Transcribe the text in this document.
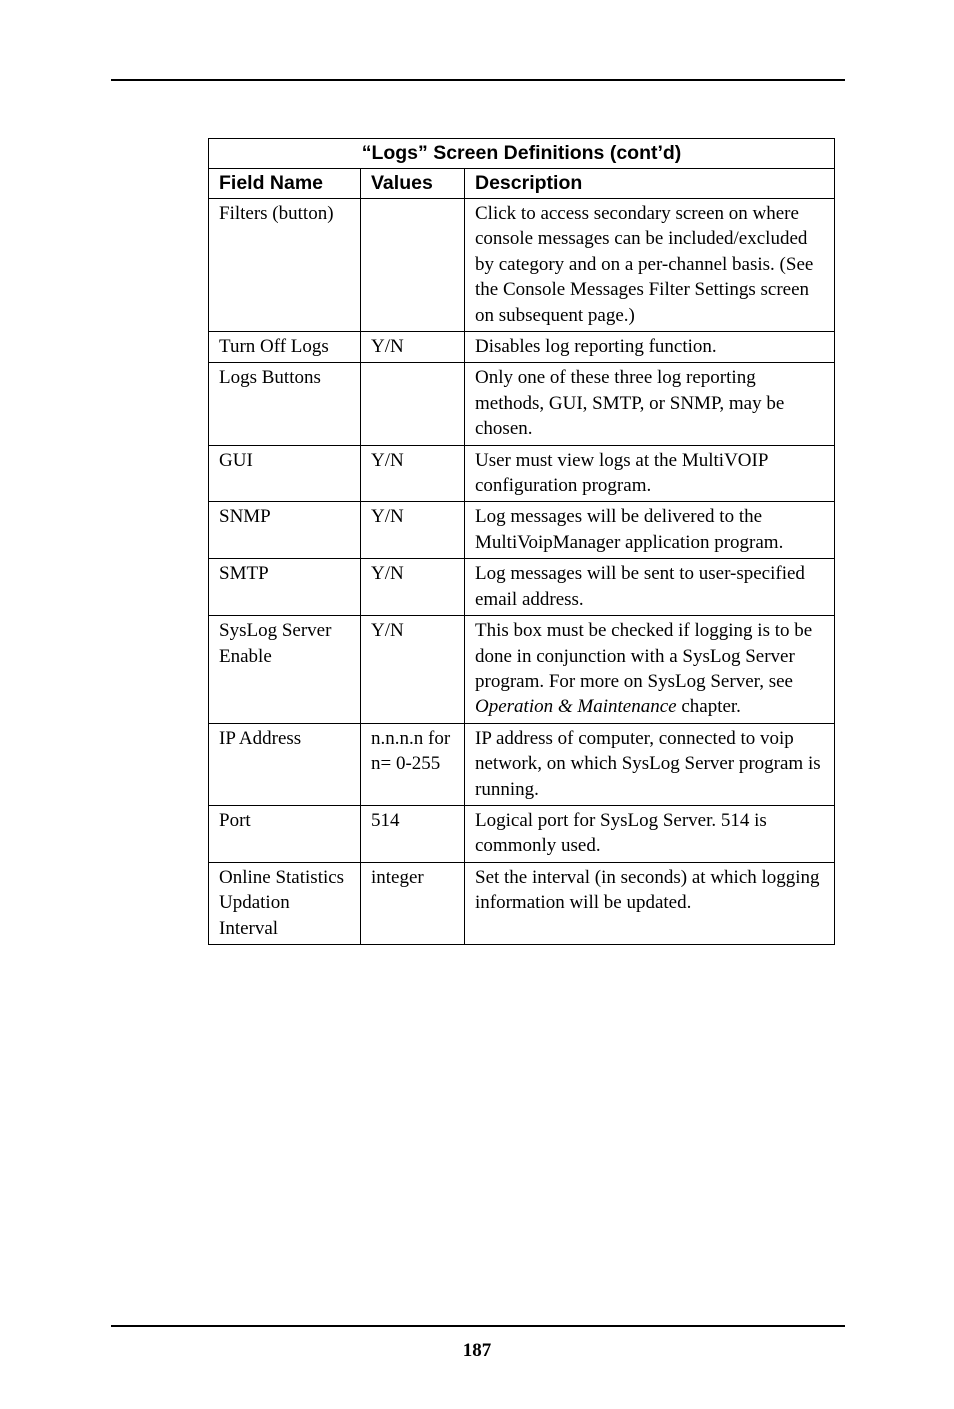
“Logs” Screen Definitions (cont’d)		
Field Name	Values	Description
Filters (button)		Click to access secondary screen on where console messages can be included/excluded by category and on a per-channel basis. (See the Console Messages Filter Settings screen on subsequent page.)
Turn Off Logs	Y/N	Disables log reporting function.
Logs Buttons		Only one of these three log reporting methods, GUI, SMTP, or SNMP, may be chosen.
GUI	Y/N	User must view logs at the MultiVOIP configuration program.
SNMP	Y/N	Log messages will be delivered to the MultiVoipManager application program.
SMTP	Y/N	Log messages will be sent to user-specified email address.
SysLog Server Enable	Y/N	This box must be checked if logging is to be done in conjunction with a SysLog Server program. For more on SysLog Server, see Operation & Maintenance chapter.
IP Address	n.n.n.n for n= 0-255	IP address of computer, connected to voip network, on which SysLog Server program is running.
Port	514	Logical port for SysLog Server. 514 is commonly used.
Online Statistics Updation Interval	integer	Set the interval (in seconds) at which logging information will be updated.
187
